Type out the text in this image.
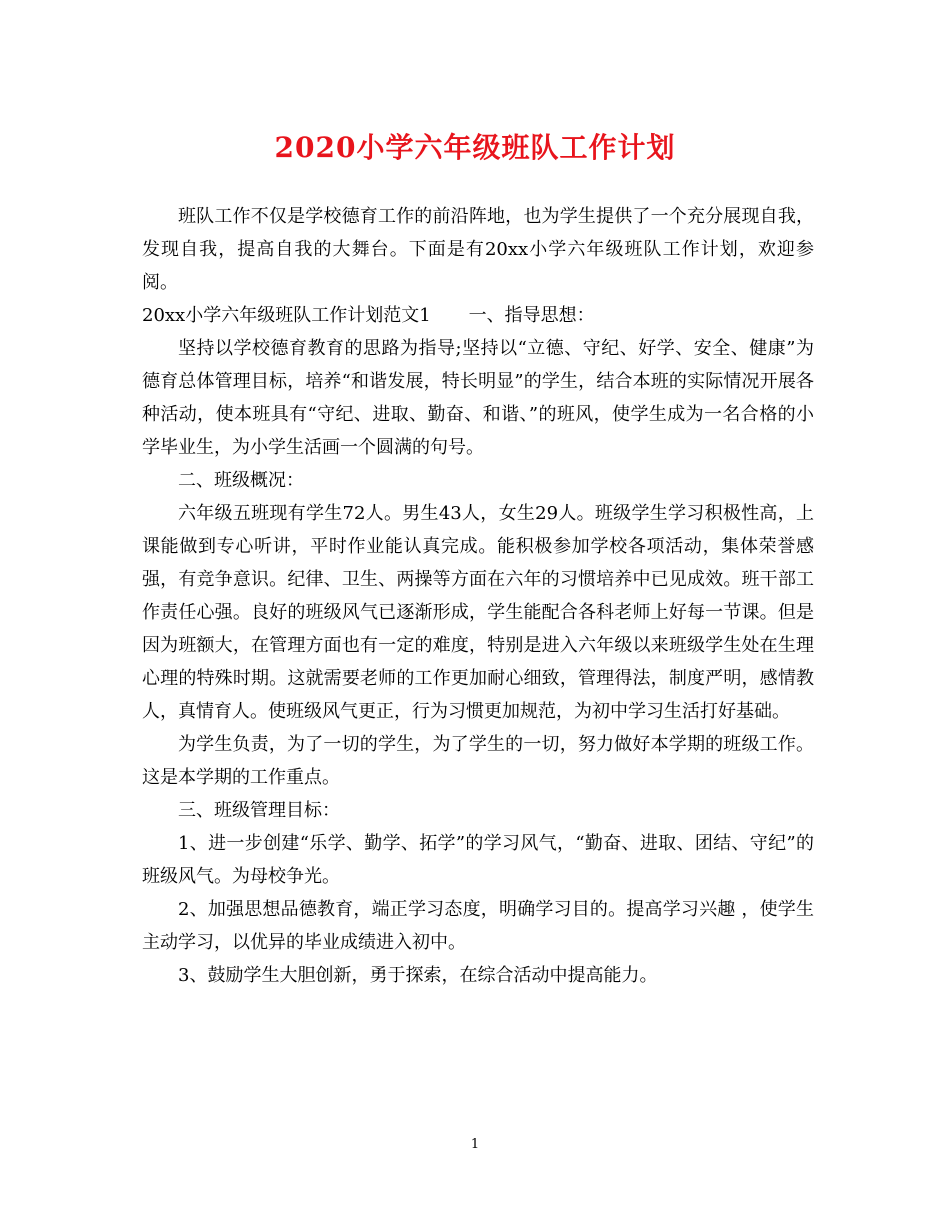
2020小学六年级班队工作计划

班队工作不仅是学校德育工作的前沿阵地，也为学生提供了一个充分展现自我，发现自我，提高自我的大舞台。下面是有20xx小学六年级班队工作计划，欢迎参阅。

20xx小学六年级班队工作计划范文1 一、指导思想：

坚持以学校德育教育的思路为指导;坚持以“立德、守纪、好学、安全、健康”为德育总体管理目标，培养“和谐发展，特长明显”的学生，结合本班的实际情况开展各种活动，使本班具有“守纪、进取、勤奋、和谐、”的班风，使学生成为一名合格的小学毕业生，为小学生活画一个圆满的句号。

二、班级概况：

六年级五班现有学生72人。男生43人，女生29人。班级学生学习积极性高，上课能做到专心听讲，平时作业能认真完成。能积极参加学校各项活动，集体荣誉感强，有竞争意识。纪律、卫生、两操等方面在六年的习惯培养中已见成效。班干部工作责任心强。良好的班级风气已逐渐形成，学生能配合各科老师上好每一节课。但是因为班额大，在管理方面也有一定的难度，特别是进入六年级以来班级学生处在生理心理的特殊时期。这就需要老师的工作更加耐心细致，管理得法，制度严明，感情教人，真情育人。使班级风气更正，行为习惯更加规范，为初中学习生活打好基础。

为学生负责，为了一切的学生，为了学生的一切，努力做好本学期的班级工作。这是本学期的工作重点。

三、班级管理目标：

1、进一步创建“乐学、勤学、拓学”的学习风气，“勤奋、进取、团结、守纪”的班级风气。为母校争光。

2、加强思想品德教育，端正学习态度，明确学习目的。提高学习兴趣 ，使学生主动学习，以优异的毕业成绩进入初中。

3、鼓励学生大胆创新，勇于探索，在综合活动中提高能力。

1
